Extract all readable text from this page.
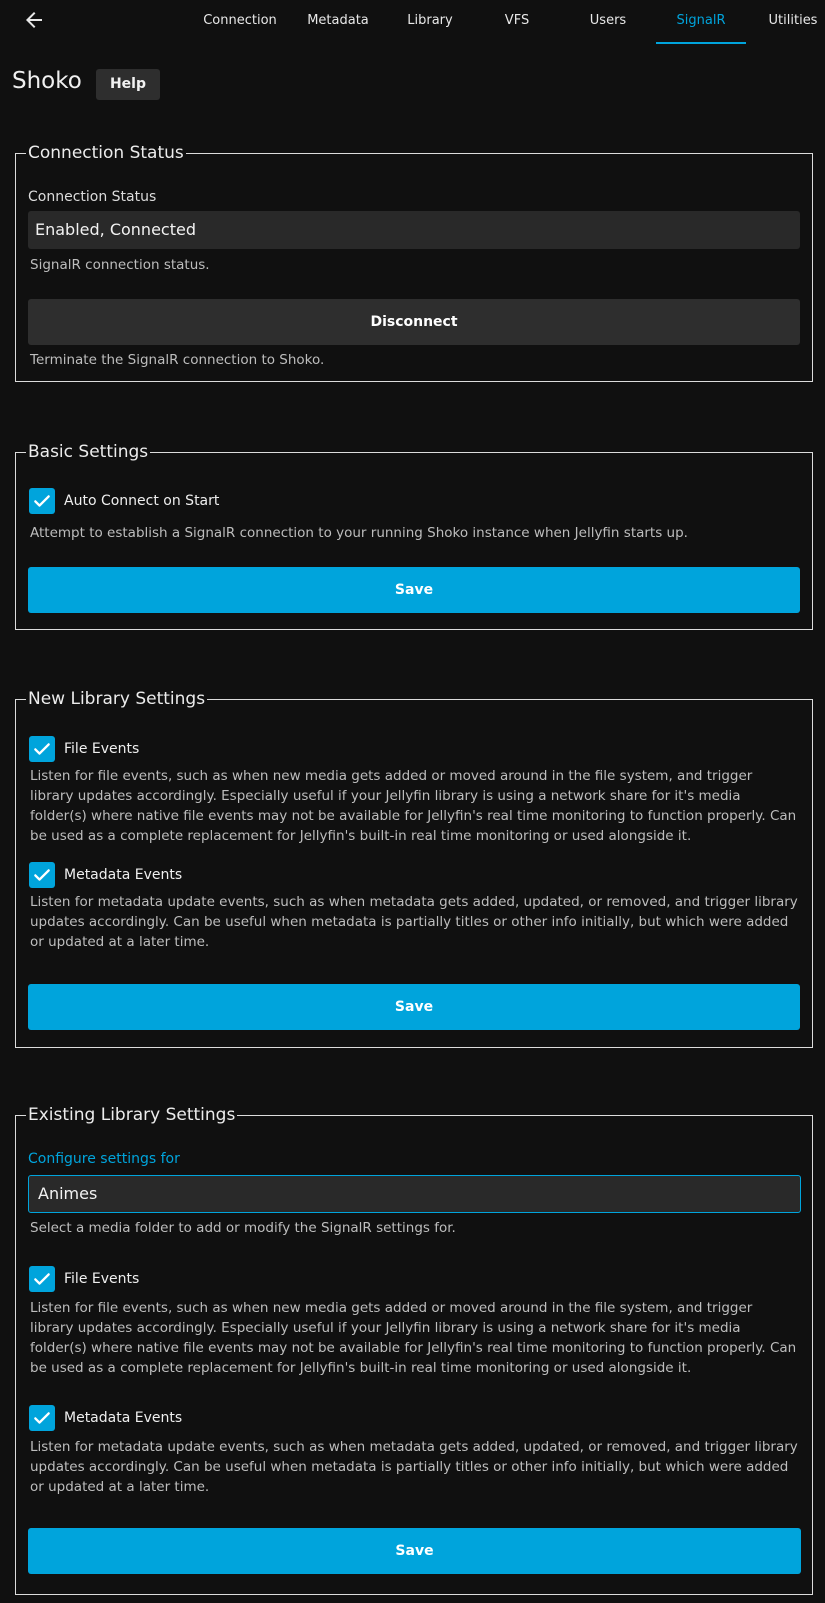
Connection	Metadata	Library	VFS	Users	SignalR	Utilities
Shoko	Help
Connection Status
Connection Status
Enabled, Connected
SignalR connection status.
Disconnect
Terminate the SignalR connection to Shoko.
Basic Settings
Auto Connect on Start
Attempt to establish a SignalR connection to your running Shoko instance when Jellyfin starts up.
Save
New Library Settings
File Events
Listen for file events, such as when new media gets added or moved around in the file system, and trigger library updates accordingly. Especially useful if your Jellyfin library is using a network share for it's media folder(s) where native file events may not be available for Jellyfin's real time monitoring to function properly. Can be used as a complete replacement for Jellyfin's built-in real time monitoring or used alongside it.
Metadata Events
Listen for metadata update events, such as when metadata gets added, updated, or removed, and trigger library updates accordingly. Can be useful when metadata is partially titles or other info initially, but which were added or updated at a later time.
Save
Existing Library Settings
Configure settings for
Animes
Select a media folder to add or modify the SignalR settings for.
File Events
Listen for file events, such as when new media gets added or moved around in the file system, and trigger library updates accordingly. Especially useful if your Jellyfin library is using a network share for it's media folder(s) where native file events may not be available for Jellyfin's real time monitoring to function properly. Can be used as a complete replacement for Jellyfin's built-in real time monitoring or used alongside it.
Metadata Events
Listen for metadata update events, such as when metadata gets added, updated, or removed, and trigger library updates accordingly. Can be useful when metadata is partially titles or other info initially, but which were added or updated at a later time.
Save
